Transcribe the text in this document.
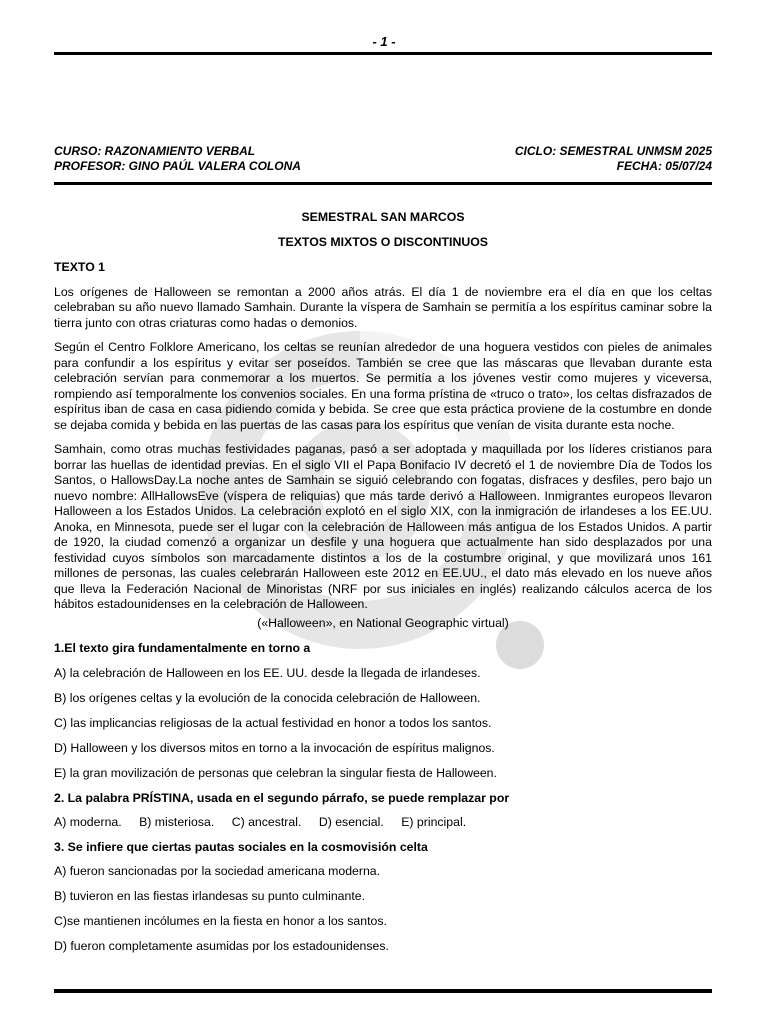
- 1 -
CURSO: RAZONAMIENTO VERBAL	CICLO: SEMESTRAL UNMSM 2025
PROFESOR: GINO PAÚL VALERA COLONA	FECHA: 05/07/24

SEMESTRAL SAN MARCOS

TEXTOS MIXTOS O DISCONTINUOS

TEXTO 1

Los orígenes de Halloween se remontan a 2000 años atrás. El día 1 de noviembre era el día en que los celtas celebraban su año nuevo llamado Samhain. Durante la víspera de Samhain se permitía a los espíritus caminar sobre la tierra junto con otras criaturas como hadas o demonios.

Según el Centro Folklore Americano, los celtas se reunían alrededor de una hoguera vestidos con pieles de animales para confundir a los espíritus y evitar ser poseídos. También se cree que las máscaras que llevaban durante esta celebración servían para conmemorar a los muertos. Se permitía a los jóvenes vestir como mujeres y viceversa, rompiendo así temporalmente los convenios sociales. En una forma prístina de «truco o trato», los celtas disfrazados de espíritus iban de casa en casa pidiendo comida y bebida. Se cree que esta práctica proviene de la costumbre en donde se dejaba comida y bebida en las puertas de las casas para los espíritus que venían de visita durante esta noche.

Samhain, como otras muchas festividades paganas, pasó a ser adoptada y maquillada por los líderes cristianos para borrar las huellas de identidad previas. En el siglo VII el Papa Bonifacio IV decretó el 1 de noviembre Día de Todos los Santos, o HallowsDay.La noche antes de Samhain se siguió celebrando con fogatas, disfraces y desfiles, pero bajo un nuevo nombre: AllHallowsEve (víspera de reliquias) que más tarde derivó a Halloween. Inmigrantes europeos llevaron Halloween a los Estados Unidos. La celebración explotó en el siglo XIX, con la inmigración de irlandeses a los EE.UU. Anoka, en Minnesota, puede ser el lugar con la celebración de Halloween más antigua de los Estados Unidos. A partir de 1920, la ciudad comenzó a organizar un desfile y una hoguera que actualmente han sido desplazados por una festividad cuyos símbolos son marcadamente distintos a los de la costumbre original, y que movilizará unos 161 millones de personas, las cuales celebrarán Halloween este 2012 en EE.UU., el dato más elevado en los nueve años que lleva la Federación Nacional de Minoristas (NRF por sus iniciales en inglés) realizando cálculos acerca de los hábitos estadounidenses en la celebración de Halloween.

(«Halloween», en National Geographic virtual)

1.El texto gira fundamentalmente en torno a

A) la celebración de Halloween en los EE. UU. desde la llegada de irlandeses.

B) los orígenes celtas y la evolución de la conocida celebración de Halloween.

C) las implicancias religiosas de la actual festividad en honor a todos los santos.

D) Halloween y los diversos mitos en torno a la invocación de espíritus malignos.

E) la gran movilización de personas que celebran la singular fiesta de Halloween.

2. La palabra PRÍSTINA, usada en el segundo párrafo, se puede remplazar por

A) moderna. B) misteriosa. C) ancestral. D) esencial. E) principal.

3. Se infiere que ciertas pautas sociales en la cosmovisión celta

A) fueron sancionadas por la sociedad americana moderna.

B) tuvieron en las fiestas irlandesas su punto culminante.

C)se mantienen incólumes en la fiesta en honor a los santos.

D) fueron completamente asumidas por los estadounidenses.
